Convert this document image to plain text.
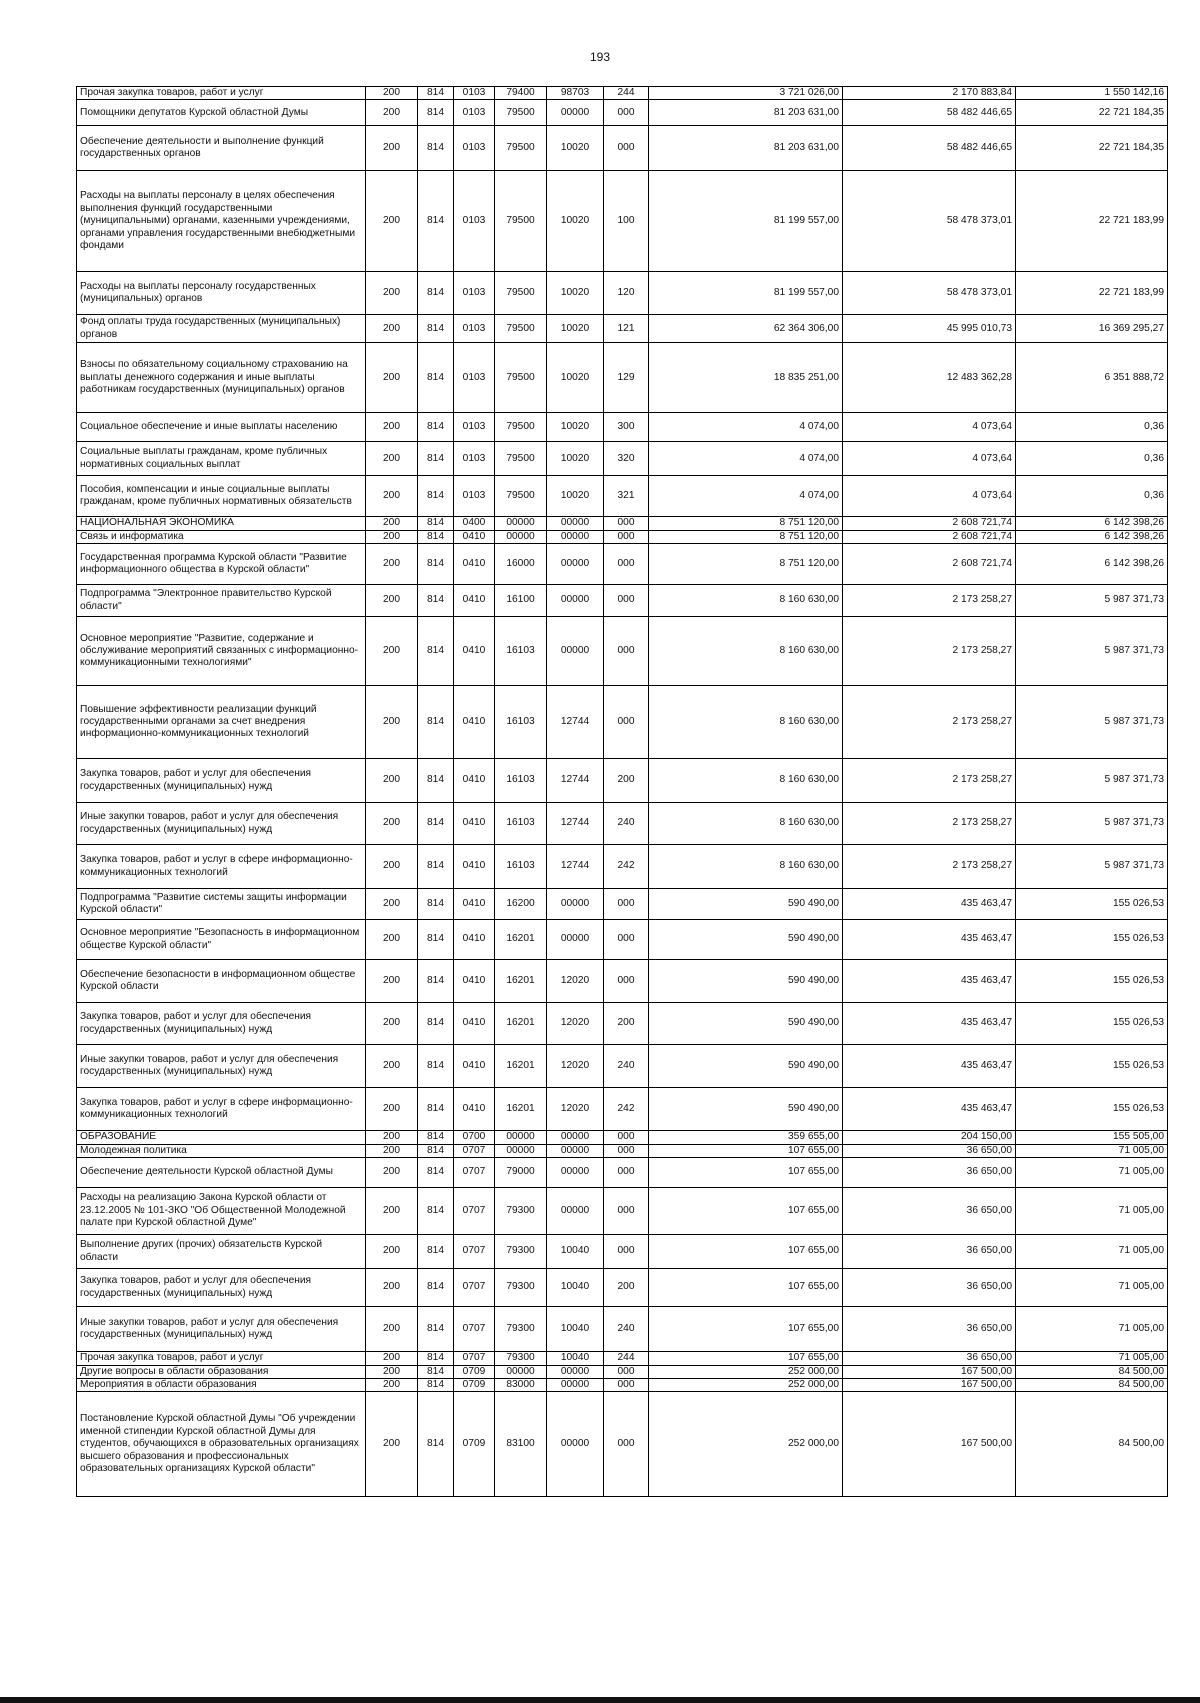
193
Прочая закупка товаров, работ и услуг	200	814	0103	79400	98703	244	3 721 026,00	2 170 883,84	1 550 142,16
Помощники депутатов Курской областной Думы	200	814	0103	79500	00000	000	81 203 631,00	58 482 446,65	22 721 184,35
Обеспечение деятельности и выполнение функций государственных органов	200	814	0103	79500	10020	000	81 203 631,00	58 482 446,65	22 721 184,35
Расходы на выплаты персоналу в целях обеспечения выполнения функций государственными (муниципальными) органами, казенными учреждениями, органами управления государственными внебюджетными фондами	200	814	0103	79500	10020	100	81 199 557,00	58 478 373,01	22 721 183,99
Расходы на выплаты персоналу государственных (муниципальных) органов	200	814	0103	79500	10020	120	81 199 557,00	58 478 373,01	22 721 183,99
Фонд оплаты труда государственных (муниципальных) органов	200	814	0103	79500	10020	121	62 364 306,00	45 995 010,73	16 369 295,27
Взносы по обязательному социальному страхованию на выплаты денежного содержания и иные выплаты работникам государственных (муниципальных) органов	200	814	0103	79500	10020	129	18 835 251,00	12 483 362,28	6 351 888,72
Социальное обеспечение и иные выплаты населению	200	814	0103	79500	10020	300	4 074,00	4 073,64	0,36
Социальные выплаты гражданам, кроме публичных нормативных социальных выплат	200	814	0103	79500	10020	320	4 074,00	4 073,64	0,36
Пособия, компенсации и иные социальные выплаты гражданам, кроме публичных нормативных обязательств	200	814	0103	79500	10020	321	4 074,00	4 073,64	0,36
НАЦИОНАЛЬНАЯ ЭКОНОМИКА	200	814	0400	00000	00000	000	8 751 120,00	2 608 721,74	6 142 398,26
Связь и информатика	200	814	0410	00000	00000	000	8 751 120,00	2 608 721,74	6 142 398,26
Государственная программа Курской области "Развитие информационного общества в Курской области"	200	814	0410	16000	00000	000	8 751 120,00	2 608 721,74	6 142 398,26
Подпрограмма "Электронное правительство Курской области"	200	814	0410	16100	00000	000	8 160 630,00	2 173 258,27	5 987 371,73
Основное мероприятие "Развитие, содержание и обслуживание мероприятий связанных с информационно-коммуникационными технологиями"	200	814	0410	16103	00000	000	8 160 630,00	2 173 258,27	5 987 371,73
Повышение эффективности реализации функций государственными органами за счет внедрения информационно-коммуникационных технологий	200	814	0410	16103	12744	000	8 160 630,00	2 173 258,27	5 987 371,73
Закупка товаров, работ и услуг для обеспечения государственных (муниципальных) нужд	200	814	0410	16103	12744	200	8 160 630,00	2 173 258,27	5 987 371,73
Иные закупки товаров, работ и услуг для обеспечения государственных (муниципальных) нужд	200	814	0410	16103	12744	240	8 160 630,00	2 173 258,27	5 987 371,73
Закупка товаров, работ и услуг в сфере информационно-коммуникационных технологий	200	814	0410	16103	12744	242	8 160 630,00	2 173 258,27	5 987 371,73
Подпрограмма "Развитие системы защиты информации Курской области"	200	814	0410	16200	00000	000	590 490,00	435 463,47	155 026,53
Основное мероприятие "Безопасность в информационном обществе Курской области"	200	814	0410	16201	00000	000	590 490,00	435 463,47	155 026,53
Обеспечение безопасности в информационном обществе Курской области	200	814	0410	16201	12020	000	590 490,00	435 463,47	155 026,53
Закупка товаров, работ и услуг для обеспечения государственных (муниципальных) нужд	200	814	0410	16201	12020	200	590 490,00	435 463,47	155 026,53
Иные закупки товаров, работ и услуг для обеспечения государственных (муниципальных) нужд	200	814	0410	16201	12020	240	590 490,00	435 463,47	155 026,53
Закупка товаров, работ и услуг в сфере информационно-коммуникационных технологий	200	814	0410	16201	12020	242	590 490,00	435 463,47	155 026,53
ОБРАЗОВАНИЕ	200	814	0700	00000	00000	000	359 655,00	204 150,00	155 505,00
Молодежная политика	200	814	0707	00000	00000	000	107 655,00	36 650,00	71 005,00
Обеспечение деятельности Курской областной Думы	200	814	0707	79000	00000	000	107 655,00	36 650,00	71 005,00
Расходы на реализацию Закона Курской области от 23.12.2005 № 101-ЗКО "Об Общественной Молодежной палате при Курской областной Думе"	200	814	0707	79300	00000	000	107 655,00	36 650,00	71 005,00
Выполнение других (прочих) обязательств Курской области	200	814	0707	79300	10040	000	107 655,00	36 650,00	71 005,00
Закупка товаров, работ и услуг для обеспечения государственных (муниципальных) нужд	200	814	0707	79300	10040	200	107 655,00	36 650,00	71 005,00
Иные закупки товаров, работ и услуг для обеспечения государственных (муниципальных) нужд	200	814	0707	79300	10040	240	107 655,00	36 650,00	71 005,00
Прочая закупка товаров, работ и услуг	200	814	0707	79300	10040	244	107 655,00	36 650,00	71 005,00
Другие вопросы в области образования	200	814	0709	00000	00000	000	252 000,00	167 500,00	84 500,00
Мероприятия в области образования	200	814	0709	83000	00000	000	252 000,00	167 500,00	84 500,00
Постановление Курской областной Думы "Об учреждении именной стипендии Курской областной Думы для студентов, обучающихся в образовательных организациях высшего образования и профессиональных образовательных организациях Курской области"	200	814	0709	83100	00000	000	252 000,00	167 500,00	84 500,00
